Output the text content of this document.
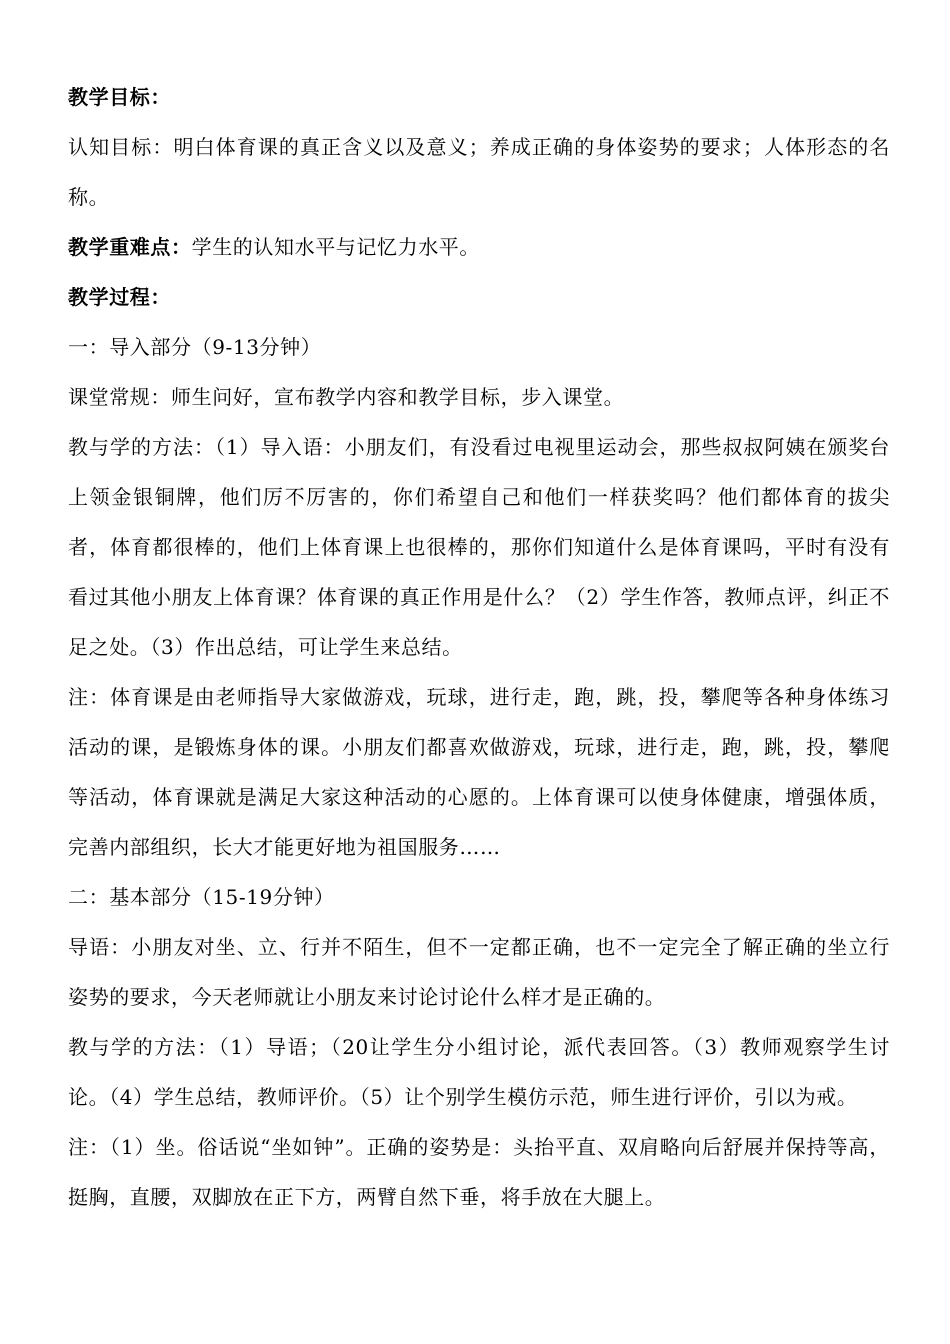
教学目标：

认知目标：明白体育课的真正含义以及意义；养成正确的身体姿势的要求；人体形态的名称。

教学重难点：学生的认知水平与记忆力水平。

教学过程：

一：导入部分（9-13分钟）

课堂常规：师生问好，宣布教学内容和教学目标，步入课堂。

教与学的方法：（1）导入语：小朋友们，有没看过电视里运动会，那些叔叔阿姨在颁奖台上领金银铜牌，他们厉不厉害的，你们希望自己和他们一样获奖吗？他们都体育的拔尖者，体育都很棒的，他们上体育课上也很棒的，那你们知道什么是体育课吗，平时有没有看过其他小朋友上体育课？体育课的真正作用是什么？（2）学生作答，教师点评，纠正不足之处。（3）作出总结，可让学生来总结。

注：体育课是由老师指导大家做游戏，玩球，进行走，跑，跳，投，攀爬等各种身体练习活动的课，是锻炼身体的课。小朋友们都喜欢做游戏，玩球，进行走，跑，跳，投，攀爬等活动，体育课就是满足大家这种活动的心愿的。上体育课可以使身体健康，增强体质，完善内部组织，长大才能更好地为祖国服务……

二：基本部分（15-19分钟）

导语：小朋友对坐、立、行并不陌生，但不一定都正确，也不一定完全了解正确的坐立行姿势的要求，今天老师就让小朋友来讨论讨论什么样才是正确的。

教与学的方法：（1）导语；（20让学生分小组讨论，派代表回答。（3）教师观察学生讨论。（4）学生总结，教师评价。（5）让个别学生模仿示范，师生进行评价，引以为戒。

注：（1）坐。俗话说“坐如钟”。正确的姿势是：头抬平直、双肩略向后舒展并保持等高，挺胸，直腰，双脚放在正下方，两臂自然下垂，将手放在大腿上。
